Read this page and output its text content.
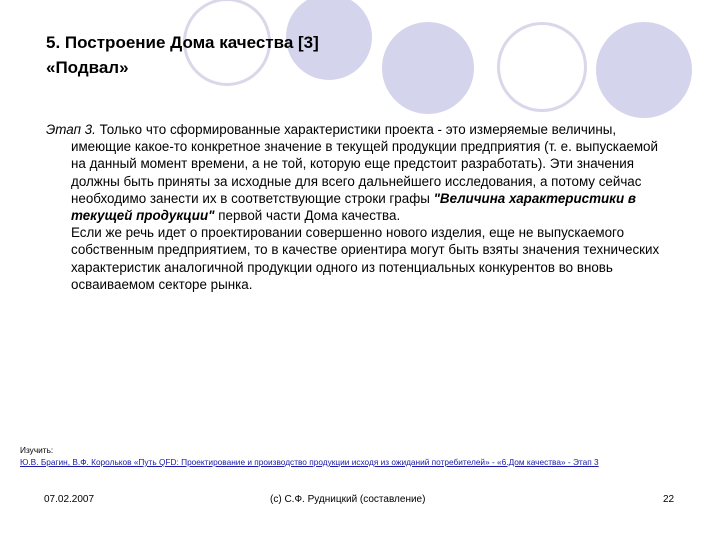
5. Построение Дома качества [3]
«Подвал»

Этап 3. Только что сформированные характеристики проекта - это измеряемые величины, имеющие какое-то конкретное значение в текущей продукции предприятия (т. е. выпускаемой на данный момент времени, а не той, которую еще предстоит разработать). Эти значения должны быть приняты за исходные для всего дальнейшего исследования, а потому сейчас необходимо занести их в соответствующие строки графы "Величина характеристики в текущей продукции" первой части Дома качества.

Если же речь идет о проектировании совершенно нового изделия, еще не выпускаемого собственным предприятием, то в качестве ориентира могут быть взяты значения технических характеристик аналогичной продукции одного из потенциальных конкурентов во вновь осваиваемом секторе рынка.

Изучить:
Ю.В. Брагин, В.Ф. Корольков «Путь QFD: Проектирование и производство продукции исходя из ожиданий потребителей» - «6.Дом качества» - Этап 3
07.02.2007	(c) С.Ф. Рудницкий (составление)	22
